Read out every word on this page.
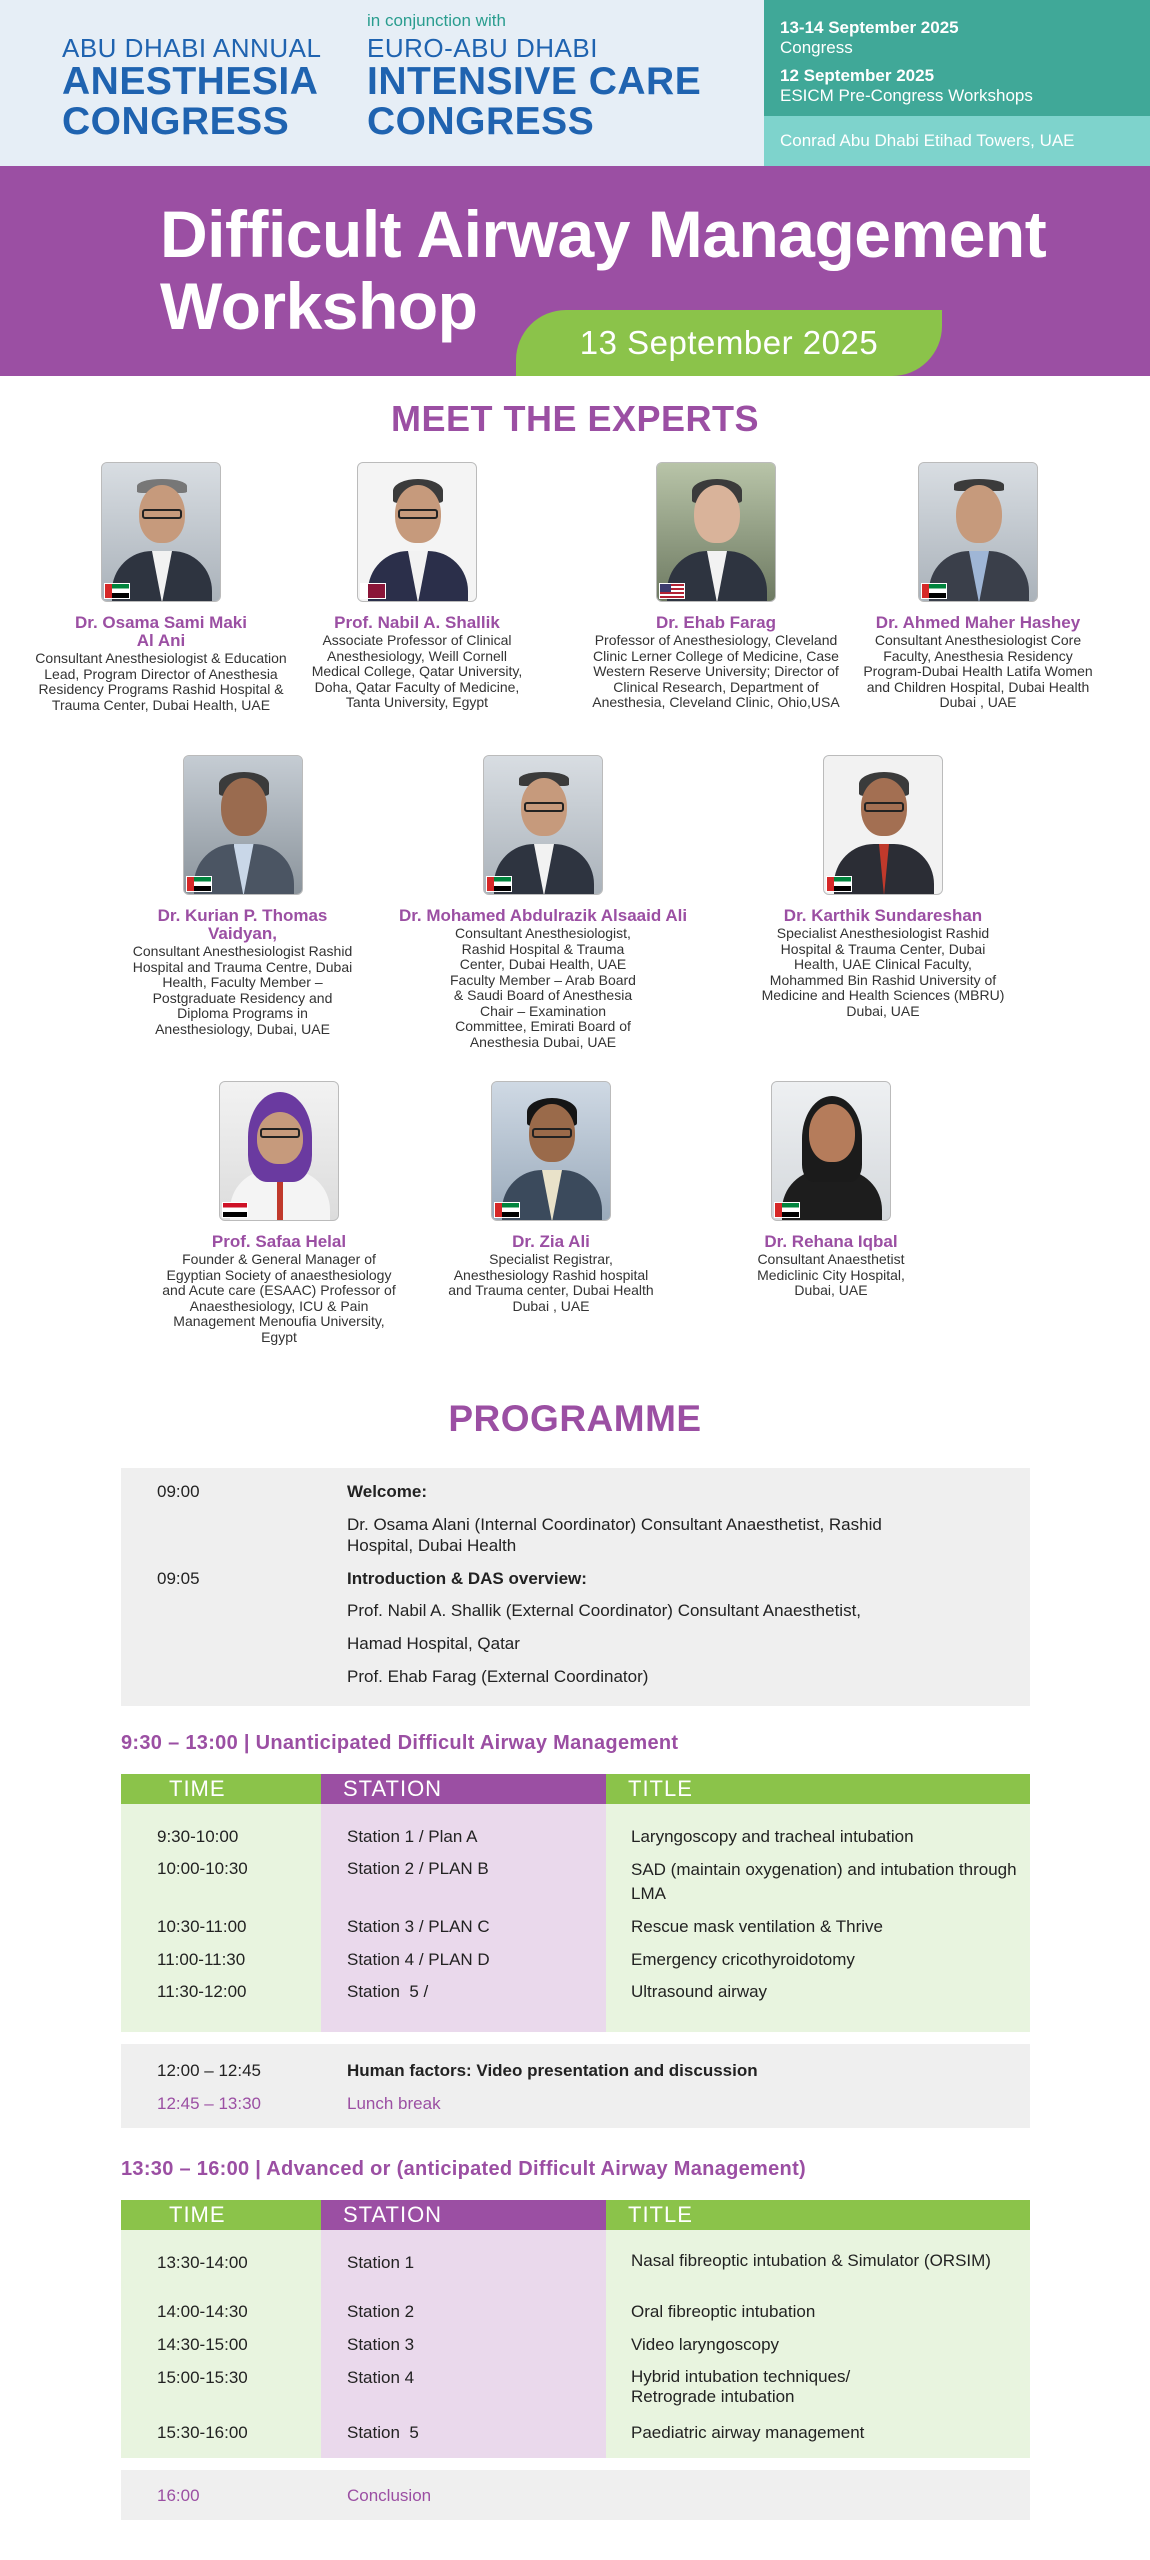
ABU DHABI ANNUAL
ANESTHESIA
CONGRESS
in conjunction with
EURO-ABU DHABI
INTENSIVE CARE
CONGRESS
13-14 September 2025
Congress
12 September 2025
ESICM Pre-Congress Workshops
Conrad Abu Dhabi Etihad Towers, UAE
Difficult Airway Management
Workshop	13 September 2025
MEET THE EXPERTS
Dr. Osama Sami Maki Al Ani
Consultant Anesthesiologist & Education Lead, Program Director of Anesthesia Residency Programs Rashid Hospital & Trauma Center, Dubai Health, UAE
Prof. Nabil A. Shallik
Associate Professor of Clinical Anesthesiology, Weill Cornell Medical College, Qatar University, Doha, Qatar Faculty of Medicine, Tanta University, Egypt
Dr. Ehab Farag
Professor of Anesthesiology, Cleveland Clinic Lerner College of Medicine, Case Western Reserve University; Director of Clinical Research, Department of Anesthesia, Cleveland Clinic, Ohio,USA
Dr. Ahmed Maher Hashey
Consultant Anesthesiologist Core Faculty, Anesthesia Residency Program-Dubai Health Latifa Women and Children Hospital, Dubai Health Dubai , UAE
Dr. Kurian P. Thomas Vaidyan,
Consultant Anesthesiologist Rashid Hospital and Trauma Centre, Dubai Health, Faculty Member – Postgraduate Residency and Diploma Programs in Anesthesiology, Dubai, UAE
Dr. Mohamed Abdulrazik Alsaaid Ali
Consultant Anesthesiologist, Rashid Hospital & Trauma Center, Dubai Health, UAE Faculty Member – Arab Board & Saudi Board of Anesthesia Chair – Examination Committee, Emirati Board of Anesthesia Dubai, UAE
Dr. Karthik Sundareshan
Specialist Anesthesiologist Rashid Hospital & Trauma Center, Dubai Health, UAE Clinical Faculty, Mohammed Bin Rashid University of Medicine and Health Sciences (MBRU) Dubai, UAE
Prof. Safaa Helal
Founder & General Manager of Egyptian Society of anaesthesiology and Acute care (ESAAC) Professor of Anaesthesiology, ICU & Pain Management Menoufia University, Egypt
Dr. Zia Ali
Specialist Registrar, Anesthesiology Rashid hospital and Trauma center, Dubai Health Dubai , UAE
Dr. Rehana Iqbal
Consultant Anaesthetist Mediclinic City Hospital, Dubai, UAE
PROGRAMME
09:00	Welcome:
Dr. Osama Alani (Internal Coordinator) Consultant Anaesthetist, Rashid Hospital, Dubai Health
09:05	Introduction & DAS overview:
Prof. Nabil A. Shallik (External Coordinator) Consultant Anaesthetist,
Hamad Hospital, Qatar
Prof. Ehab Farag (External Coordinator)
9:30 – 13:00 | Unanticipated Difficult Airway Management
TIME	STATION	TITLE
9:30-10:00	Station 1 / Plan A	Laryngoscopy and tracheal intubation
10:00-10:30	Station 2 / PLAN B	SAD (maintain oxygenation) and intubation through LMA
10:30-11:00	Station 3 / PLAN C	Rescue mask ventilation & Thrive
11:00-11:30	Station 4 / PLAN D	Emergency cricothyroidotomy
11:30-12:00	Station  5 /	Ultrasound airway
12:00 – 12:45	Human factors: Video presentation and discussion
12:45 – 13:30	Lunch break
13:30 – 16:00 | Advanced or (anticipated Difficult Airway Management)
TIME	STATION	TITLE
13:30-14:00	Station 1	Nasal fibreoptic intubation & Simulator (ORSIM)
14:00-14:30	Station 2	Oral fibreoptic intubation
14:30-15:00	Station 3	Video laryngoscopy
15:00-15:30	Station 4	Hybrid intubation techniques/ Retrograde intubation
15:30-16:00	Station  5	Paediatric airway management
16:00	Conclusion
